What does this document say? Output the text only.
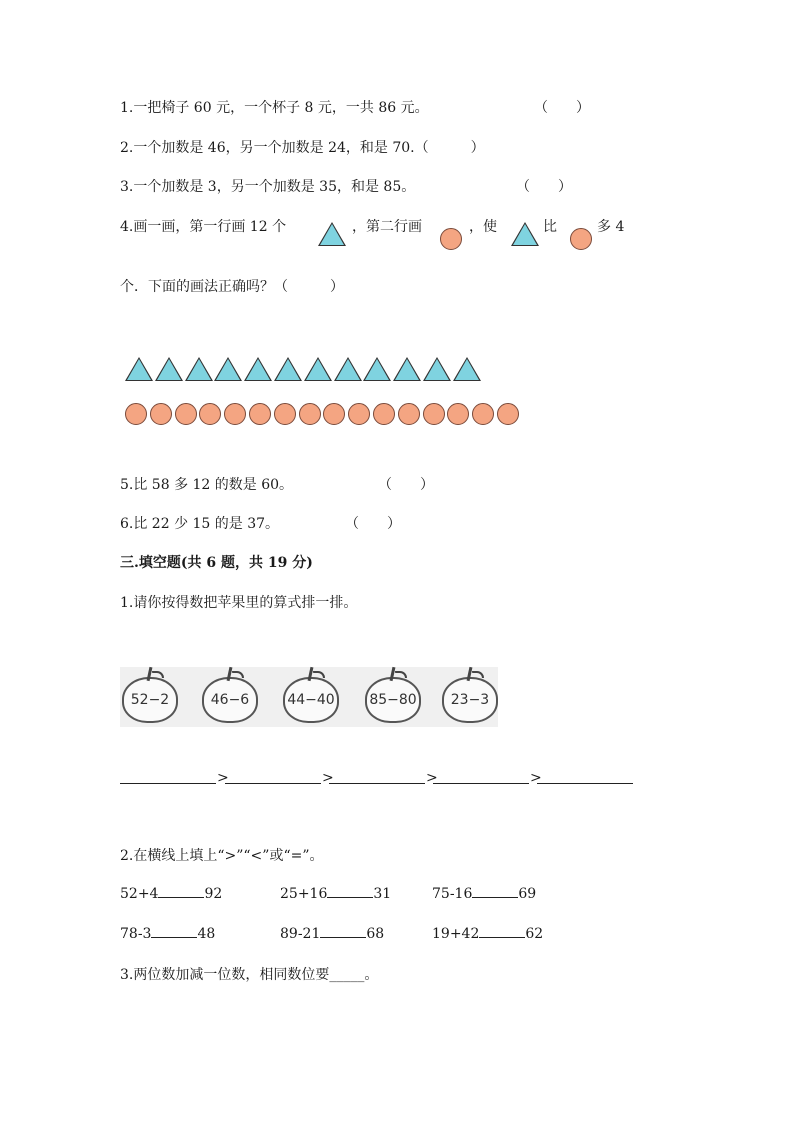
1.一把椅子 60 元，一个杯子 8 元，一共 86 元。	（　　）
2.一个加数是 46，另一个加数是 24，和是 70.（　　　）
3.一个加数是 3，另一个加数是 35，和是 85。	（　　）
4.画一画，第一行画 12 个	，第二行画	，使	比	多 4
个．下面的画法正确吗？（　　　）
5.比 58 多 12 的数是 60。	（　　）
6.比 22 少 15 的是 37。	（　　）
三.填空题(共 6 题，共 19 分)
1.请你按得数把苹果里的算式排一排。
52−2	46−6	44−40 85−80	23−3
>	>	>	>
2.在横线上填上“>”“<”或“=”。
52+4	92	25+16	31	75-16	69
78-3	48	89-21	68	19+42	62
3.两位数加减一位数，相同数位要_____。
